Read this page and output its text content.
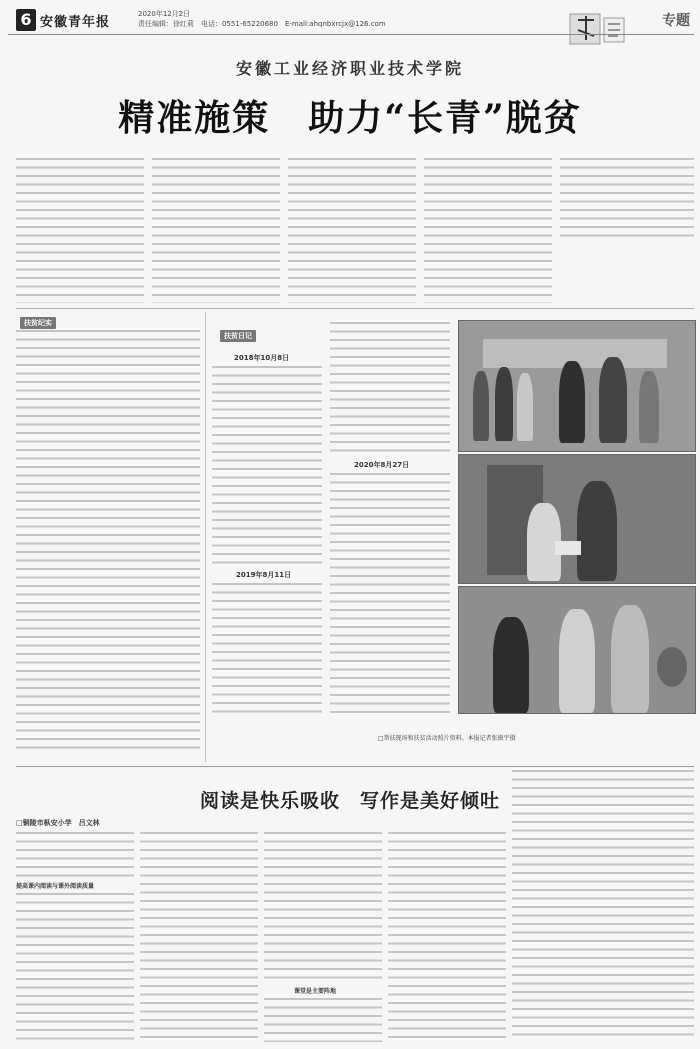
6 安徽青年报
2020年12月2日
责任编辑：徐红莉　电话：0551-65220680　E-mail:ahqnbxrcjx@126.com	专题
安徽工业经济职业技术学院
精准施策　助力“长青”脱贫
扶贫纪实
扶贫日记
2018年10月8日
2019年8月11日
2020年8月27日
□帮扶现场和扶贫活动照片资料。本报记者张振宇摄
阅读是快乐吸收　写作是美好倾吐
□铜陵市枞安小学　吕文林
提高课内阅读与课外阅读质量
课堂是主要阵地
